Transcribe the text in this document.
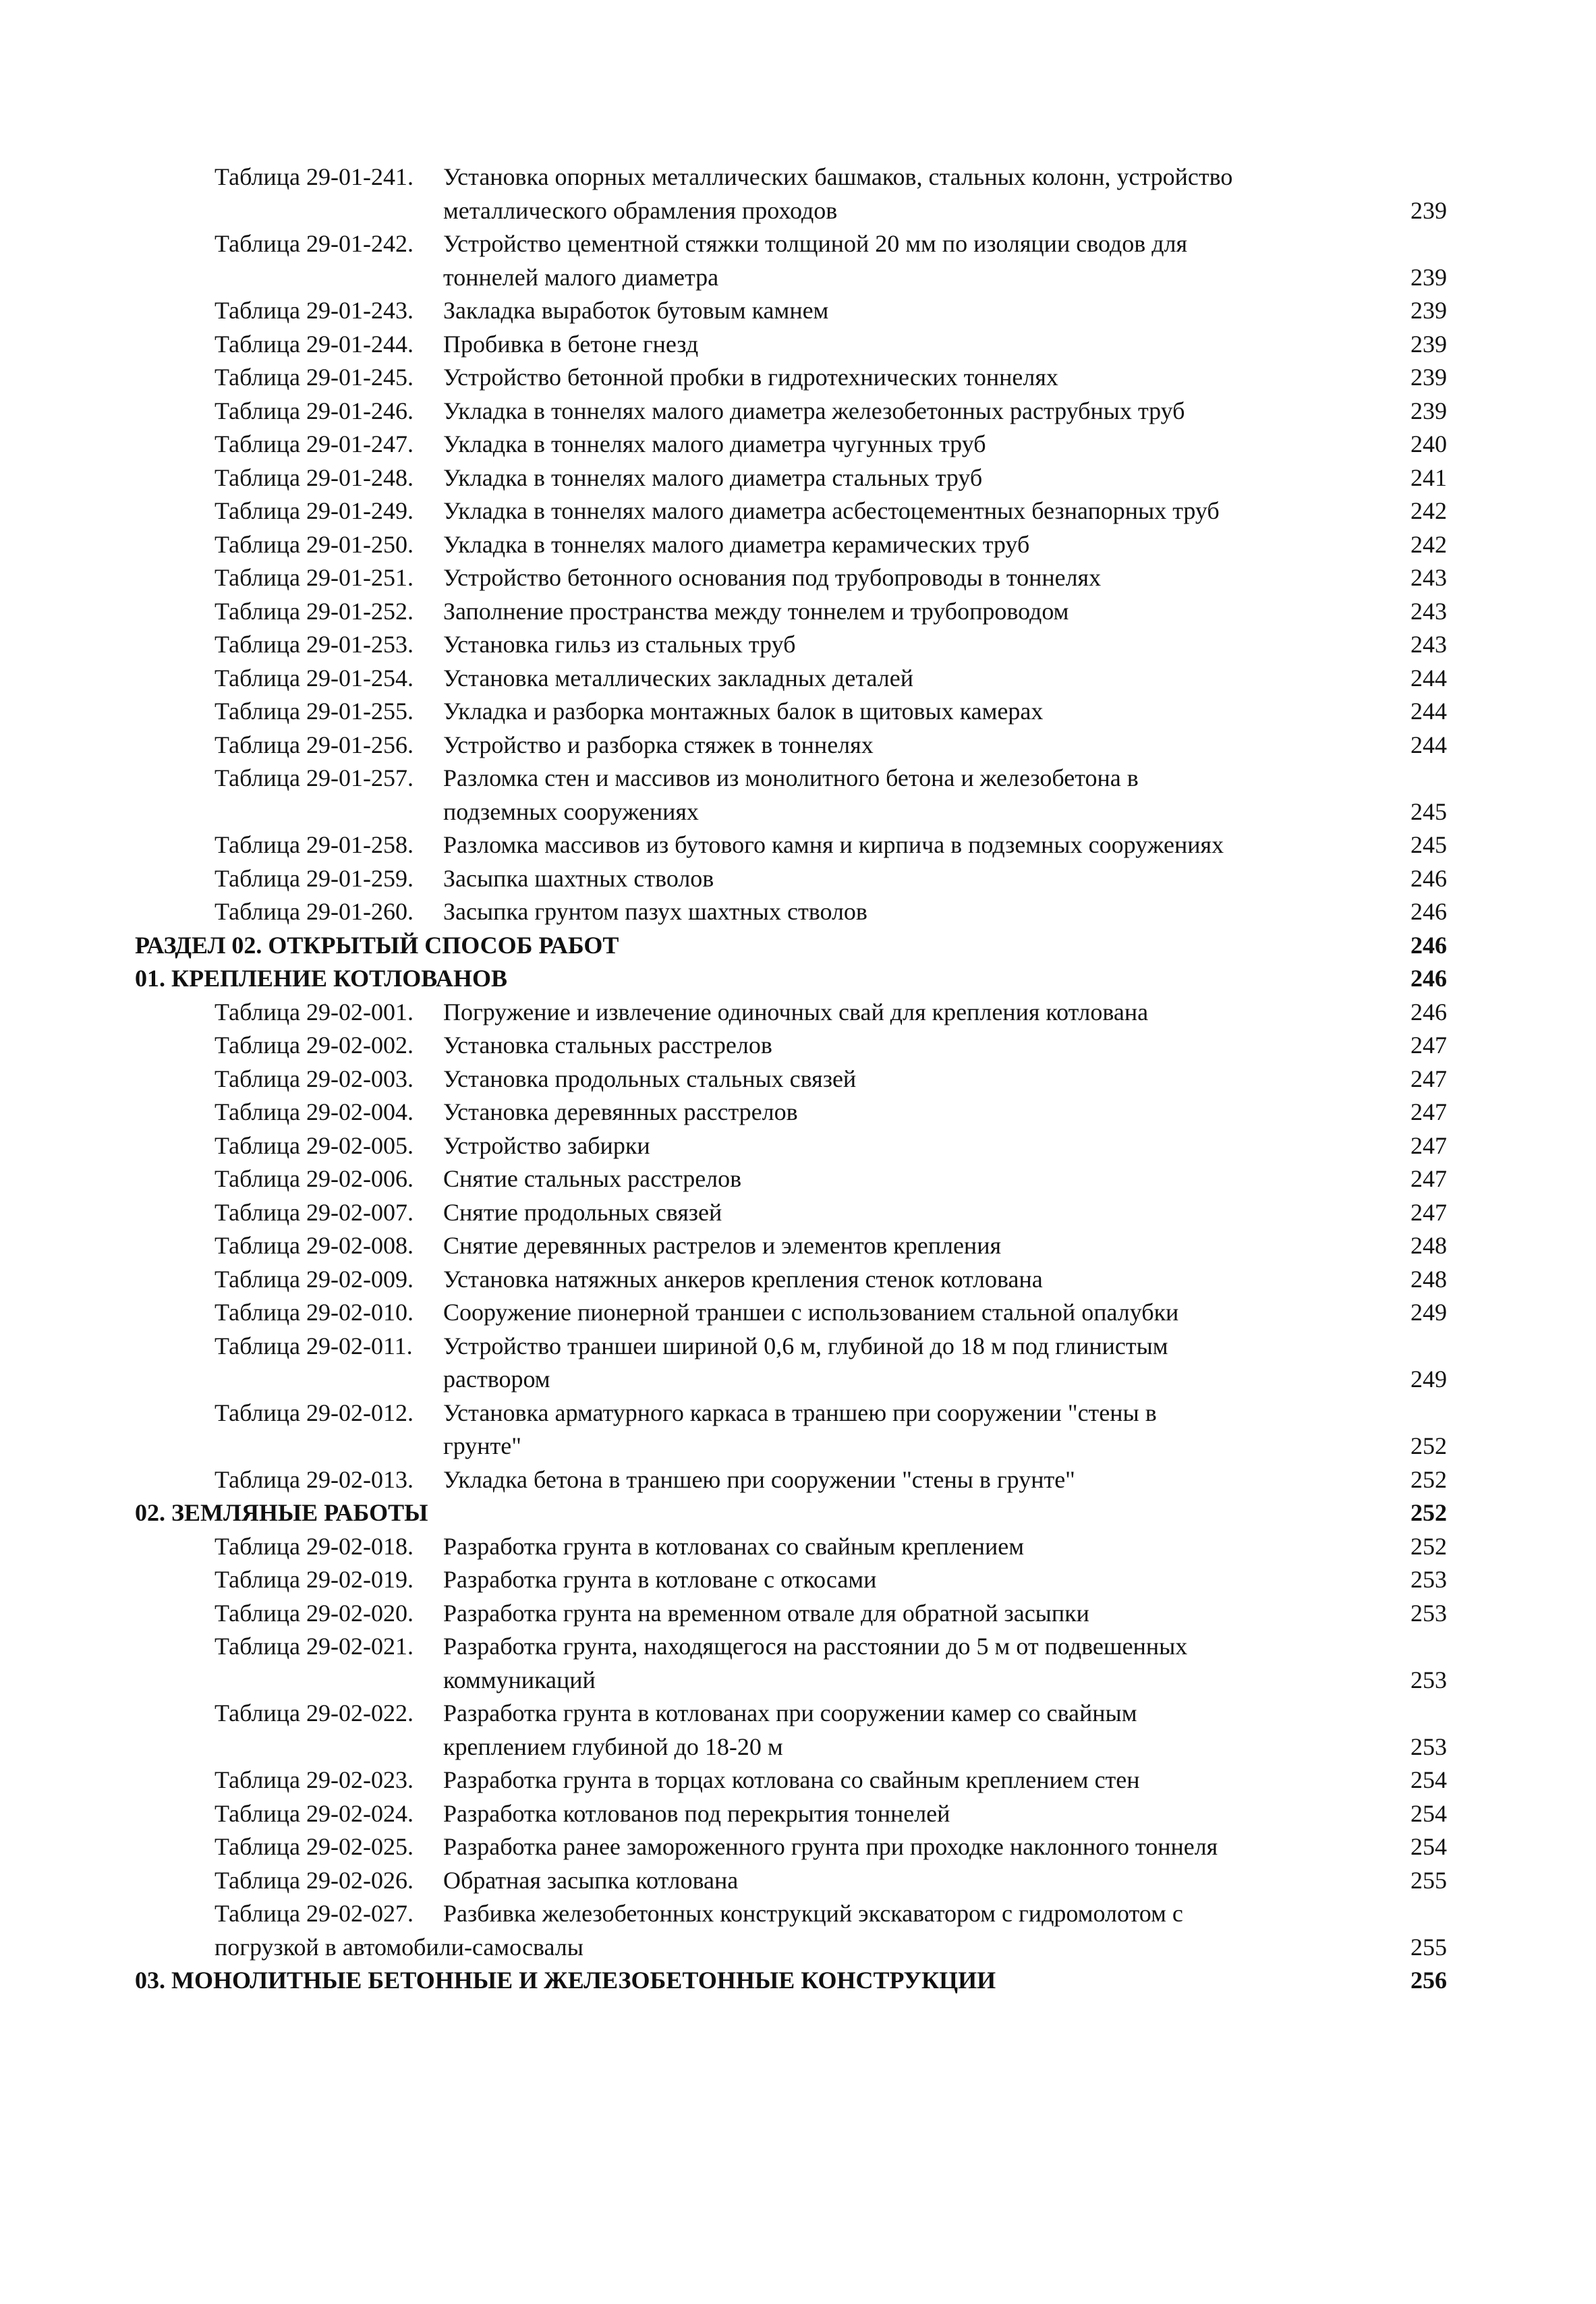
Таблица 29-01-241. Установка опорных металлических башмаков, стальных колонн, устройство
металлического обрамления проходов	239
Таблица 29-01-242. Устройство цементной стяжки толщиной 20 мм по изоляции сводов для
тоннелей малого диаметра	239
Таблица 29-01-243. Закладка выработок бутовым камнем	239
Таблица 29-01-244. Пробивка в бетоне гнезд	239
Таблица 29-01-245. Устройство бетонной пробки в гидротехнических тоннелях	239
Таблица 29-01-246. Укладка в тоннелях малого диаметра железобетонных раструбных труб	239
Таблица 29-01-247. Укладка в тоннелях малого диаметра чугунных труб	240
Таблица 29-01-248. Укладка в тоннелях малого диаметра стальных труб	241
Таблица 29-01-249. Укладка в тоннелях малого диаметра асбестоцементных безнапорных труб	242
Таблица 29-01-250. Укладка в тоннелях малого диаметра керамических труб	242
Таблица 29-01-251. Устройство бетонного основания под трубопроводы в тоннелях	243
Таблица 29-01-252. Заполнение пространства между тоннелем и трубопроводом	243
Таблица 29-01-253. Установка гильз из стальных труб	243
Таблица 29-01-254. Установка металлических закладных деталей	244
Таблица 29-01-255. Укладка и разборка монтажных балок в щитовых камерах	244
Таблица 29-01-256. Устройство и разборка стяжек в тоннелях	244
Таблица 29-01-257. Разломка стен и массивов из монолитного бетона и железобетона в
подземных сооружениях	245
Таблица 29-01-258. Разломка массивов из бутового камня и кирпича в подземных сооружениях	245
Таблица 29-01-259. Засыпка шахтных стволов	246
Таблица 29-01-260. Засыпка грунтом пазух шахтных стволов	246
РАЗДЕЛ 02. ОТКРЫТЫЙ СПОСОБ РАБОТ	246
01. КРЕПЛЕНИЕ КОТЛОВАНОВ	246
Таблица 29-02-001. Погружение и извлечение одиночных свай для крепления котлована	246
Таблица 29-02-002. Установка стальных расстрелов	247
Таблица 29-02-003. Установка продольных стальных связей	247
Таблица 29-02-004. Установка деревянных расстрелов	247
Таблица 29-02-005. Устройство забирки	247
Таблица 29-02-006. Снятие стальных расстрелов	247
Таблица 29-02-007. Снятие продольных связей	247
Таблица 29-02-008. Снятие деревянных растрелов и элементов крепления	248
Таблица 29-02-009. Установка натяжных анкеров крепления стенок котлована	248
Таблица 29-02-010. Сооружение пионерной траншеи с использованием стальной опалубки	249
Таблица 29-02-011. Устройство траншеи шириной 0,6 м, глубиной до 18 м под глинистым
раствором	249
Таблица 29-02-012. Установка арматурного каркаса в траншею при сооружении "стены в
грунте"	252
Таблица 29-02-013. Укладка бетона в траншею при сооружении "стены в грунте"	252
02. ЗЕМЛЯНЫЕ РАБОТЫ	252
Таблица 29-02-018. Разработка грунта в котлованах со свайным креплением	252
Таблица 29-02-019. Разработка грунта в котловане с откосами	253
Таблица 29-02-020. Разработка грунта на временном отвале для обратной засыпки	253
Таблица 29-02-021. Разработка грунта, находящегося на расстоянии до 5 м от подвешенных
коммуникаций	253
Таблица 29-02-022. Разработка грунта в котлованах при сооружении камер со свайным
креплением глубиной до 18-20 м	253
Таблица 29-02-023. Разработка грунта в торцах котлована со свайным креплением стен	254
Таблица 29-02-024. Разработка котлованов под перекрытия тоннелей	254
Таблица 29-02-025. Разработка ранее замороженного грунта при проходке наклонного тоннеля	254
Таблица 29-02-026. Обратная засыпка котлована	255
Таблица 29-02-027. Разбивка железобетонных конструкций экскаватором с гидромолотом с
погрузкой в автомобили-самосвалы	255
03. МОНОЛИТНЫЕ БЕТОННЫЕ И ЖЕЛЕЗОБЕТОННЫЕ КОНСТРУКЦИИ	256
